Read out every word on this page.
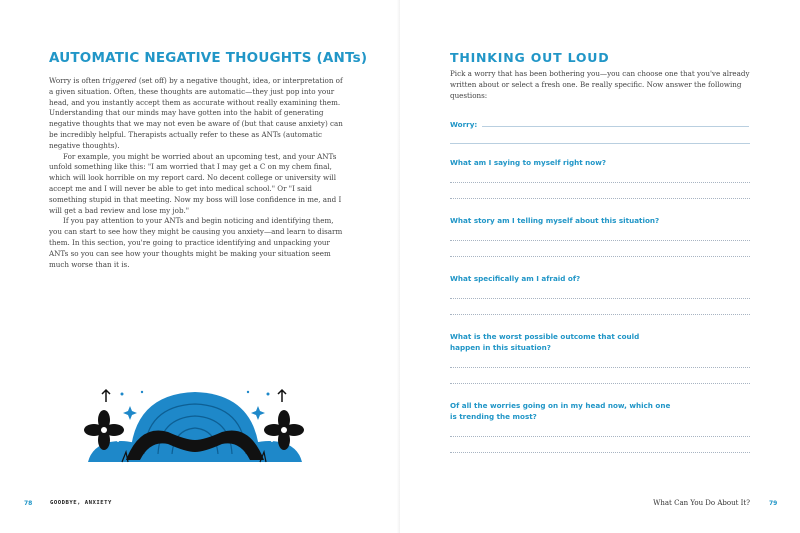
AUTOMATIC NEGATIVE THOUGHTS (ANTs)

Worry is often triggered (set off) by a negative thought, idea, or interpretation of a given situation. Often, these thoughts are automatic—they just pop into your head, and you instantly accept them as accurate without really examining them. Understanding that our minds may have gotten into the habit of generating negative thoughts that we may not even be aware of (but that cause anxiety) can be incredibly helpful. Therapists actually refer to these as ANTs (automatic negative thoughts).

For example, you might be worried about an upcoming test, and your ANTs unfold something like this: "I am worried that I may get a C on my chem final, which will look horrible on my report card. No decent college or university will accept me and I will never be able to get into medical school." Or "I said something stupid in that meeting. Now my boss will lose confidence in me, and I will get a bad review and lose my job."

If you pay attention to your ANTs and begin noticing and identifying them, you can start to see how they might be causing you anxiety—and learn to disarm them. In this section, you're going to practice identifying and unpacking your ANTs so you can see how your thoughts might be making your situation seem much worse than it is.

78	GOODBYE, ANXIETY
THINKING OUT LOUD

Pick a worry that has been bothering you—you can choose one that you've already written about or select a fresh one. Be really specific. Now answer the following questions:

Worry:

What am I saying to myself right now?

What story am I telling myself about this situation?

What specifically am I afraid of?

What is the worst possible outcome that could happen in this situation?

Of all the worries going on in my head now, which one is trending the most?

What Can You Do About It?	79
